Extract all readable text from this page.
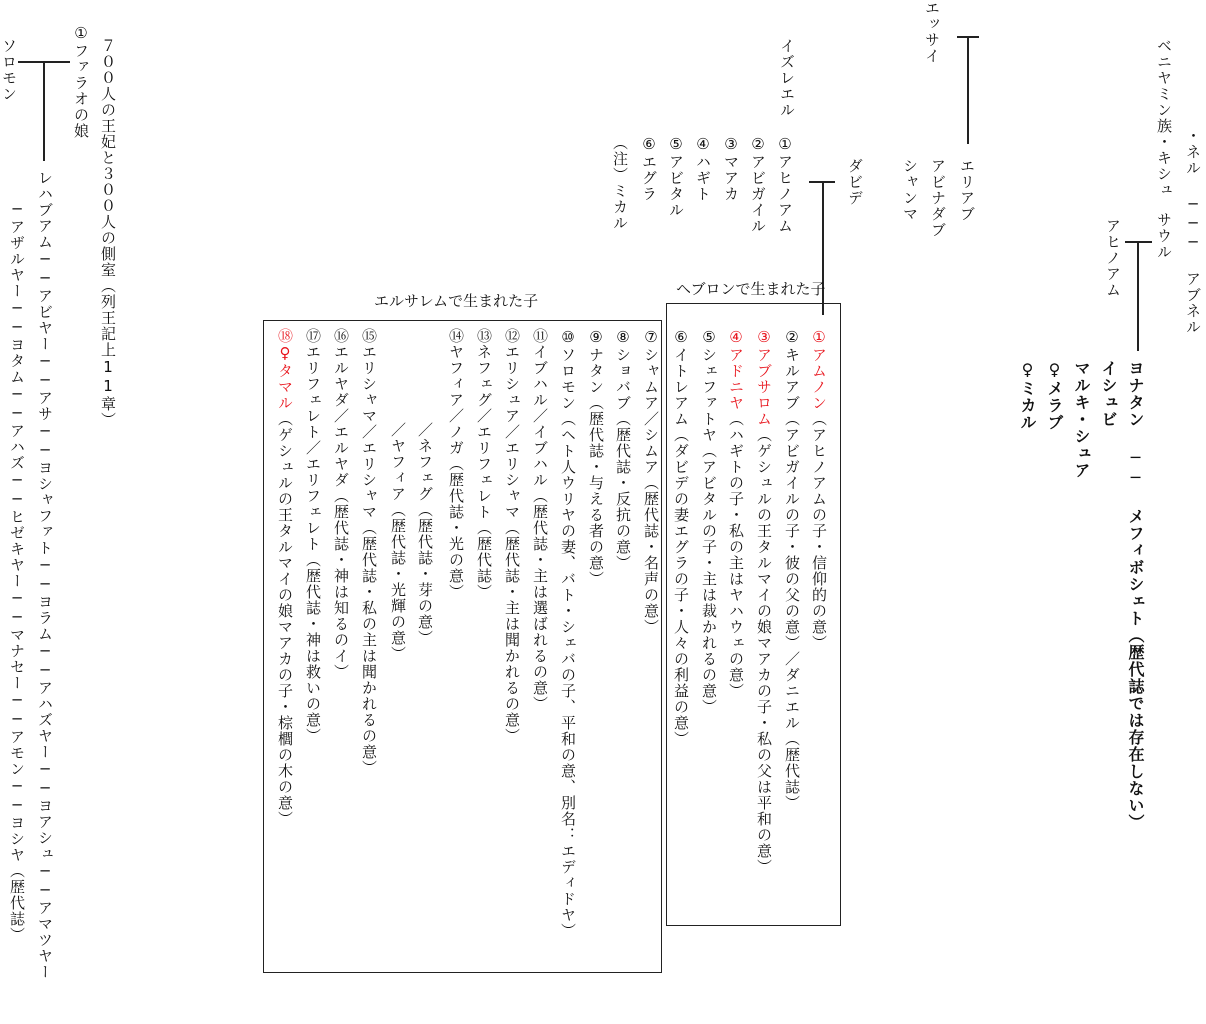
・ネル ─── アブネル
ベニヤミン族・キシュ
サウル
アヒノアム
ヨナタン ── メフィボシェト（歴代誌では存在しない）
イシュビ
マルキ・シュア
♀メラブ
♀ミカル
エッサイ
エリアブ
アビナダブ
シャンマ
ダビデ
イズレエル
①アヒノアム
②アビガイル
③マアカ
④ハギト
⑤アビタル
⑥エグラ
（注）ミカル
ヘブロンで生まれた子
①アムノン（アヒノアムの子・信仰的の意）
②キルアブ（アビガイルの子・彼の父の意）／ダニエル（歴代誌）
③アブサロム（ゲシュルの王タルマイの娘マアカの子・私の父は平和の意）
④アドニヤ（ハギトの子・私の主はヤハウェの意）
⑤シェファトヤ（アビタルの子・主は裁かれるの意）
⑥イトレアム（ダビデの妻エグラの子・人々の利益の意）
エルサレムで生まれた子
⑦シャムア／シムア（歴代誌・名声の意）
⑧ショバブ（歴代誌・反抗の意）
⑨ナタン（歴代誌・与える者の意）
⑩ソロモン（ヘト人ウリヤの妻、バト・シェバの子、平和の意、別名：エディドヤ）
⑪イブハル／イブハル（歴代誌・主は選ばれるの意）
⑫エリシュア／エリシャマ（歴代誌・主は聞かれるの意）
⑬ネフェグ／エリフェレト（歴代誌）
⑭ヤフィア／ノガ（歴代誌・光の意）
／ネフェグ（歴代誌・芽の意）
／ヤフィア（歴代誌・光輝の意）
⑮エリシャマ／エリシャマ（歴代誌・私の主は聞かれるの意）
⑯エルヤダ／エルヤダ（歴代誌・神は知るのイ）
⑰エリフェレト／エリフェレト（歴代誌・神は救いの意）
⑱♀タマル（ゲシュルの王タルマイの娘マアカの子・棕櫚の木の意）
７００人の王妃と３００人の側室（列王記上11章）
①ファラオの娘
ソロモン
レハブアム──アビヤー──アサ──ヨシャファト──ヨラム──アハズヤー──ヨアシュ──アマツヤー
─アザルヤー──ヨタム──アハズ──ヒゼキヤー──マナセー──アモン──ヨシヤ（歴代誌）
